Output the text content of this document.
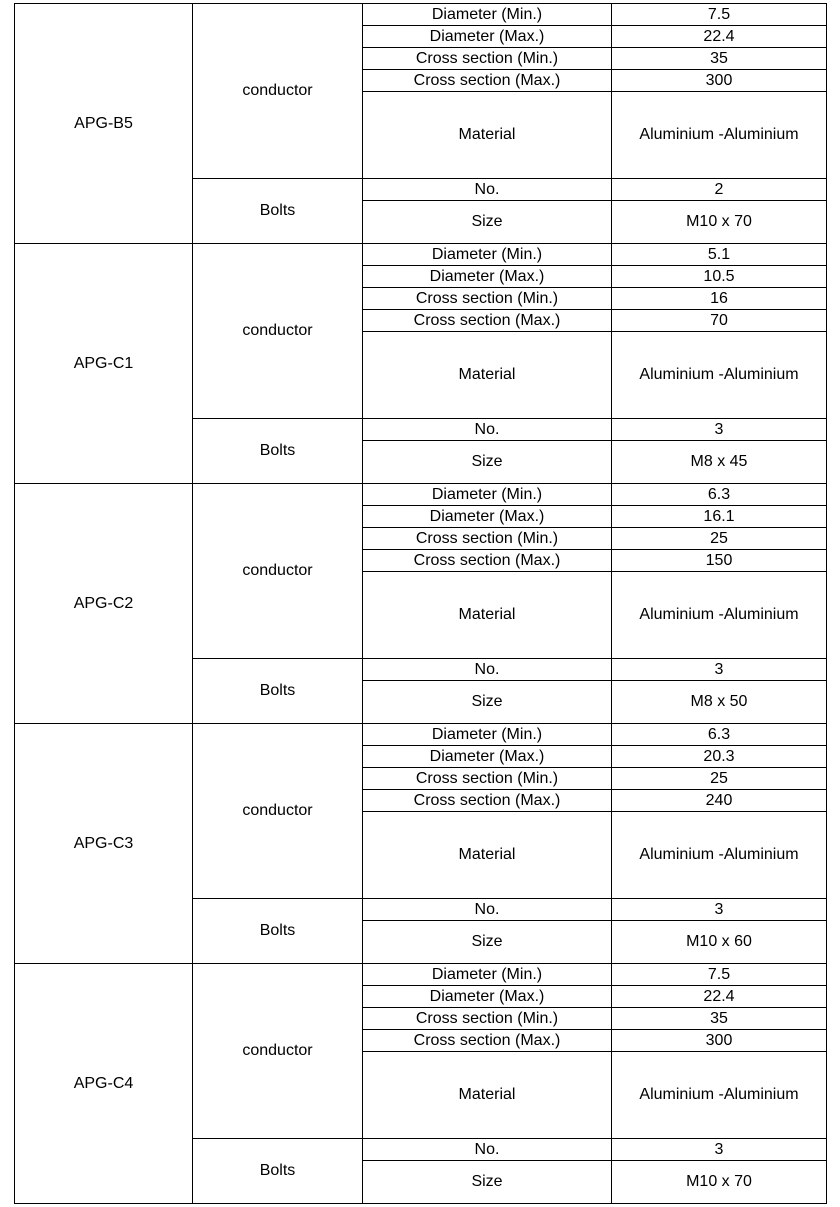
APG-B5	conductor	Diameter (Min.)	7.5
		Diameter (Max.)	22.4
		Cross section (Min.)	35
		Cross section (Max.)	300
		Material	Aluminium -Aluminium
	Bolts	No.	2
		Size	M10 x 70
APG-C1	conductor	Diameter (Min.)	5.1
		Diameter (Max.)	10.5
		Cross section (Min.)	16
		Cross section (Max.)	70
		Material	Aluminium -Aluminium
	Bolts	No.	3
		Size	M8 x 45
APG-C2	conductor	Diameter (Min.)	6.3
		Diameter (Max.)	16.1
		Cross section (Min.)	25
		Cross section (Max.)	150
		Material	Aluminium -Aluminium
	Bolts	No.	3
		Size	M8 x 50
APG-C3	conductor	Diameter (Min.)	6.3
		Diameter (Max.)	20.3
		Cross section (Min.)	25
		Cross section (Max.)	240
		Material	Aluminium -Aluminium
	Bolts	No.	3
		Size	M10 x 60
APG-C4	conductor	Diameter (Min.)	7.5
		Diameter (Max.)	22.4
		Cross section (Min.)	35
		Cross section (Max.)	300
		Material	Aluminium -Aluminium
	Bolts	No.	3
		Size	M10 x 70
